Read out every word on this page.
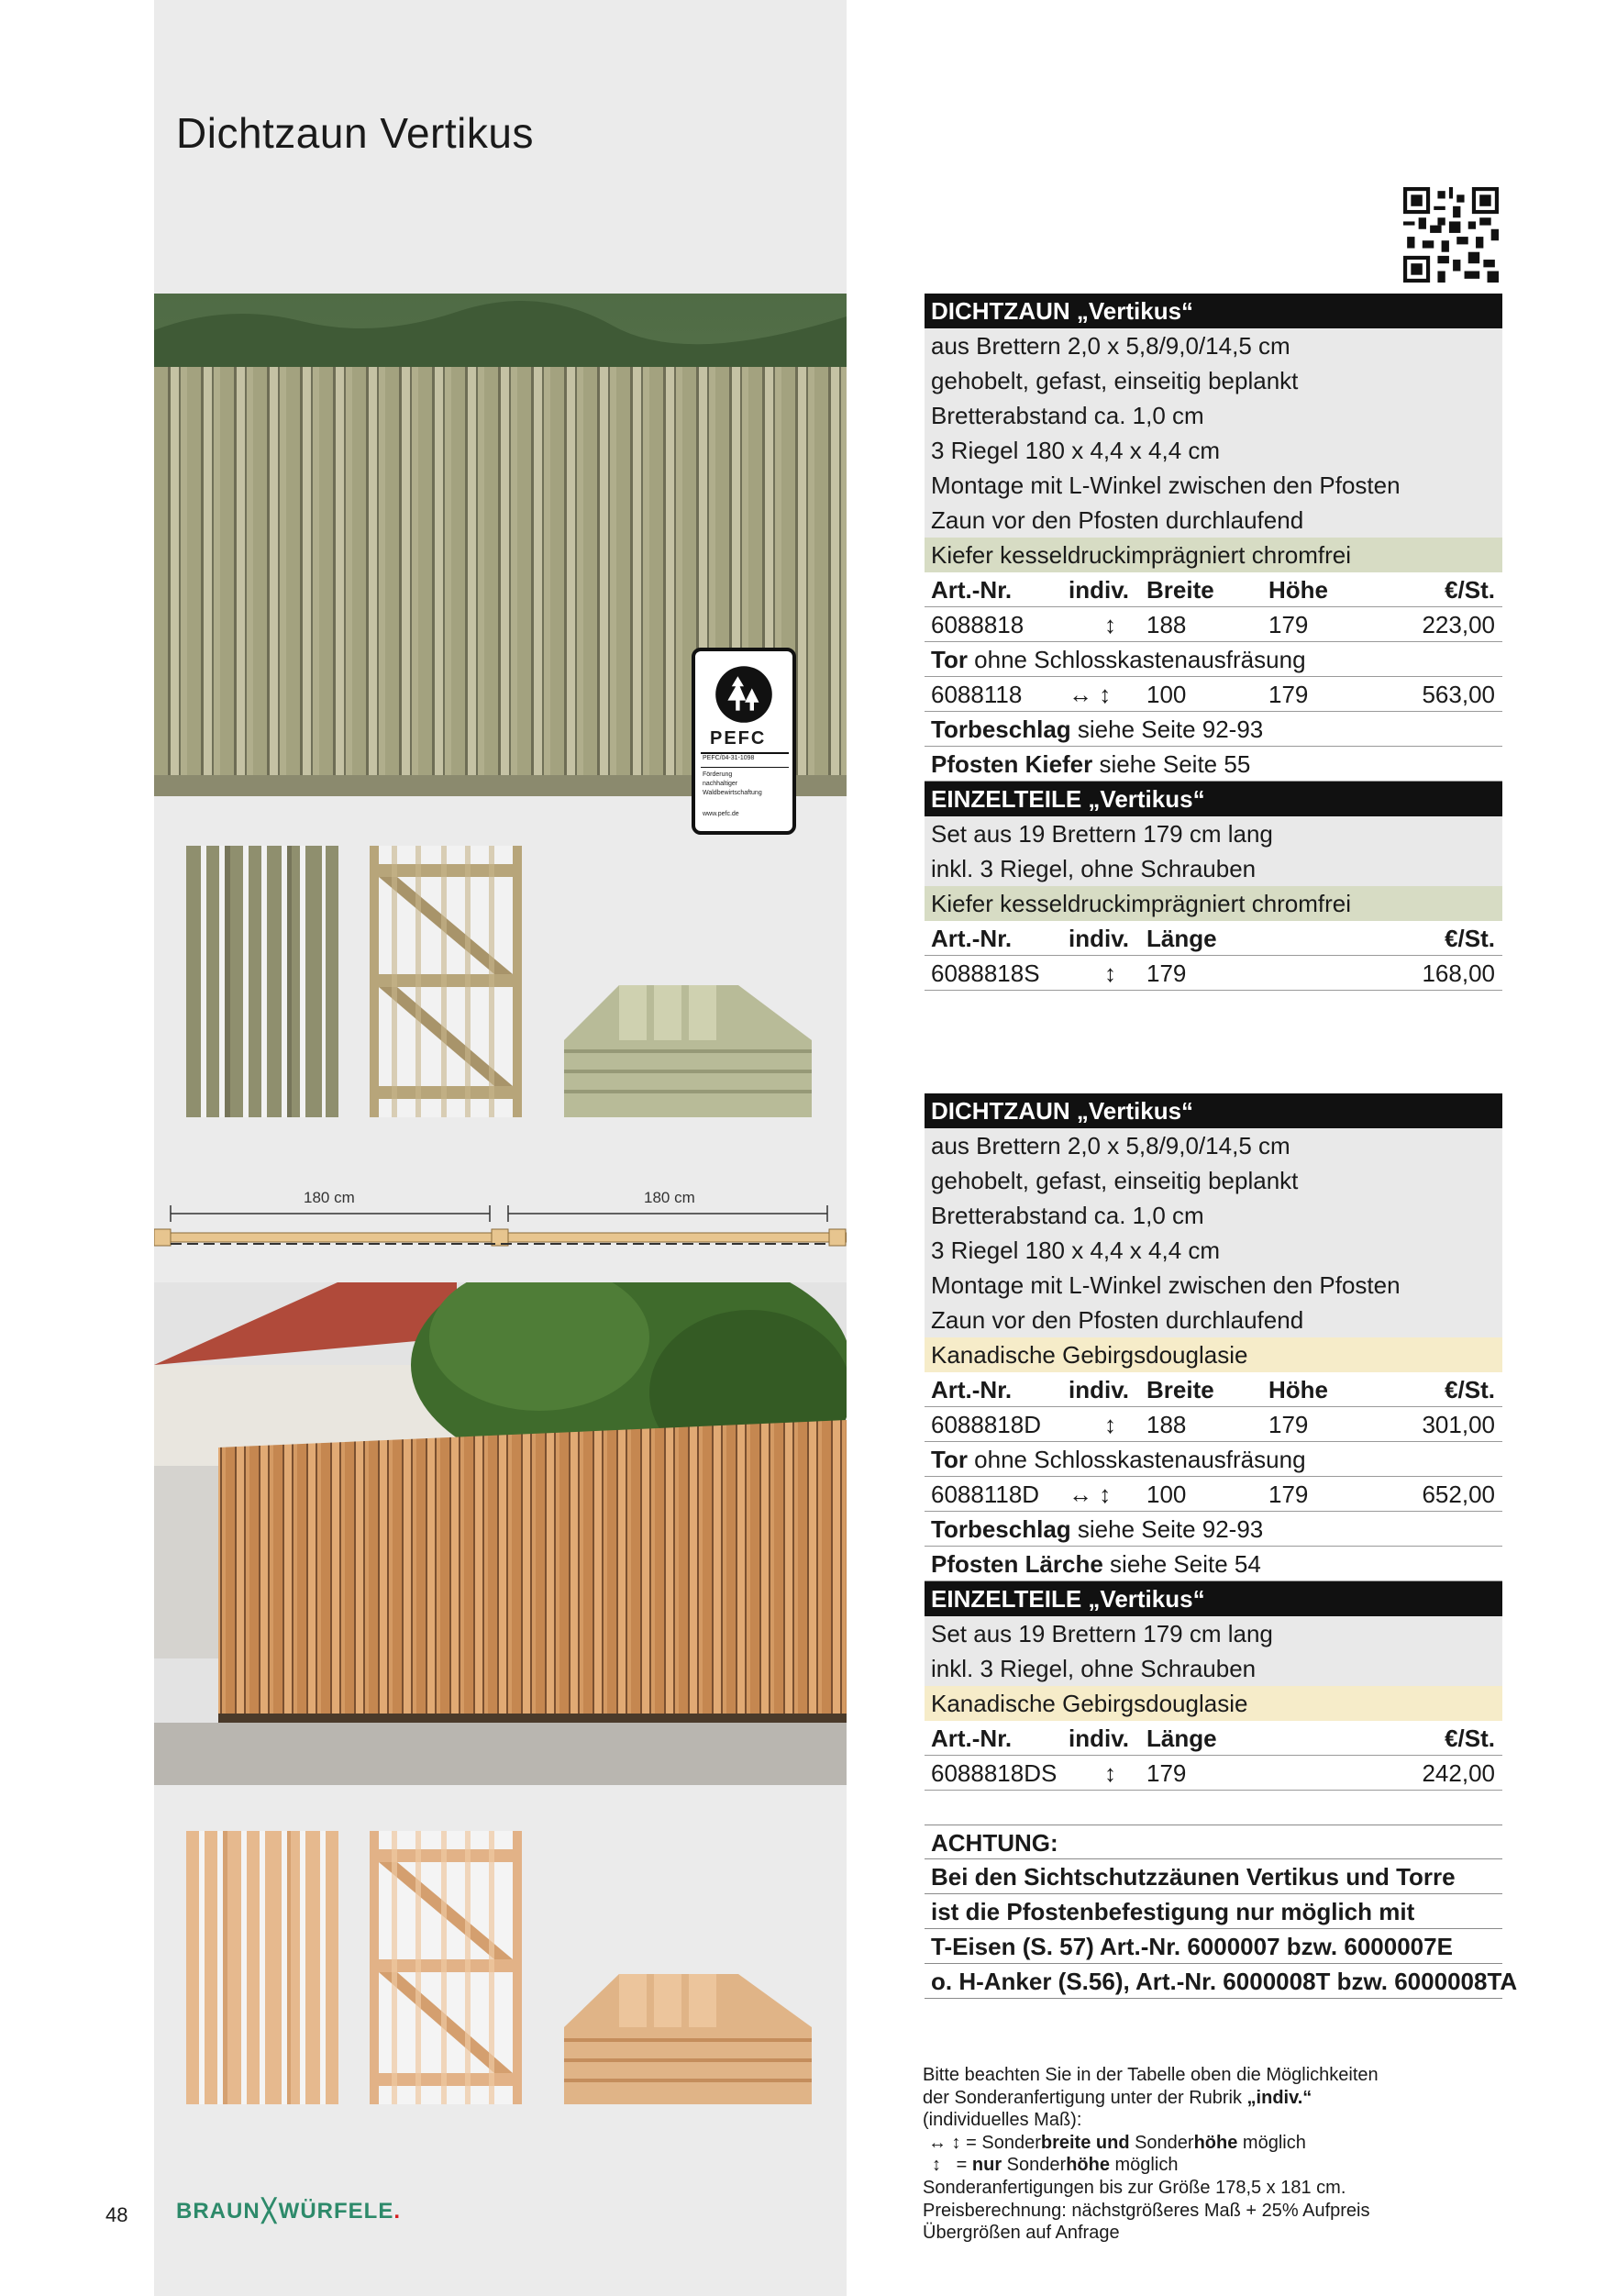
Dichtzaun Vertikus
PEFC
PEFC/04-31-1098
Förderung
nachhaltiger
Waldbewirtschaftung
www.pefc.de
180 cm	180 cm
DICHTZAUN „Vertikus“
aus Brettern 2,0 x 5,8/9,0/14,5 cm
gehobelt, gefast, einseitig beplankt
Bretterabstand ca. 1,0 cm
3 Riegel 180 x 4,4 x 4,4 cm
Montage mit L-Winkel zwischen den Pfosten
Zaun vor den Pfosten durchlaufend
Kiefer kesseldruckimprägniert chromfrei
Art.-Nr. indiv. Breite Höhe	€/St.
6088818	↕ 188	179	223,00
Tor ohne Schlosskastenausfräsung
6088118 ↔ ↕ 100	179	563,00
Torbeschlag siehe Seite 92-93
Pfosten Kiefer siehe Seite 55
EINZELTEILE „Vertikus“
Set aus 19 Brettern 179 cm lang
inkl. 3 Riegel, ohne Schrauben
Kiefer kesseldruckimprägniert chromfrei
Art.-Nr. indiv. Länge	€/St.
6088818S	↕ 179	168,00
DICHTZAUN „Vertikus“
aus Brettern 2,0 x 5,8/9,0/14,5 cm
gehobelt, gefast, einseitig beplankt
Bretterabstand ca. 1,0 cm
3 Riegel 180 x 4,4 x 4,4 cm
Montage mit L-Winkel zwischen den Pfosten
Zaun vor den Pfosten durchlaufend
Kanadische Gebirgsdouglasie
Art.-Nr. indiv. Breite Höhe	€/St.
6088818D	↕ 188	179	301,00
Tor ohne Schlosskastenausfräsung
6088118D ↔ ↕ 100	179	652,00
Torbeschlag siehe Seite 92-93
Pfosten Lärche siehe Seite 54
EINZELTEILE „Vertikus“
Set aus 19 Brettern 179 cm lang
inkl. 3 Riegel, ohne Schrauben
Kanadische Gebirgsdouglasie
Art.-Nr. indiv. Länge	€/St.
6088818DS ↕ 179	242,00
ACHTUNG:
Bei den Sichtschutzzäunen Vertikus und Torre
ist die Pfostenbefestigung nur möglich mit
T-Eisen (S. 57) Art.-Nr. 6000007 bzw. 6000007E
o. H-Anker (S.56), Art.-Nr. 6000008T bzw. 6000008TA
Bitte beachten Sie in der Tabelle oben die Möglichkeiten
der Sonderanfertigung unter der Rubrik „indiv.“
(individuelles Maß):
↔ ↕ = Sonderbreite und Sonderhöhe möglich
↕   = nur Sonderhöhe möglich
Sonderanfertigungen bis zur Größe 178,5 x 181 cm.
Preisberechnung: nächstgrößeres Maß + 25% Aufpreis
Übergrößen auf Anfrage
48 BRAUN╳WÜRFELE.
